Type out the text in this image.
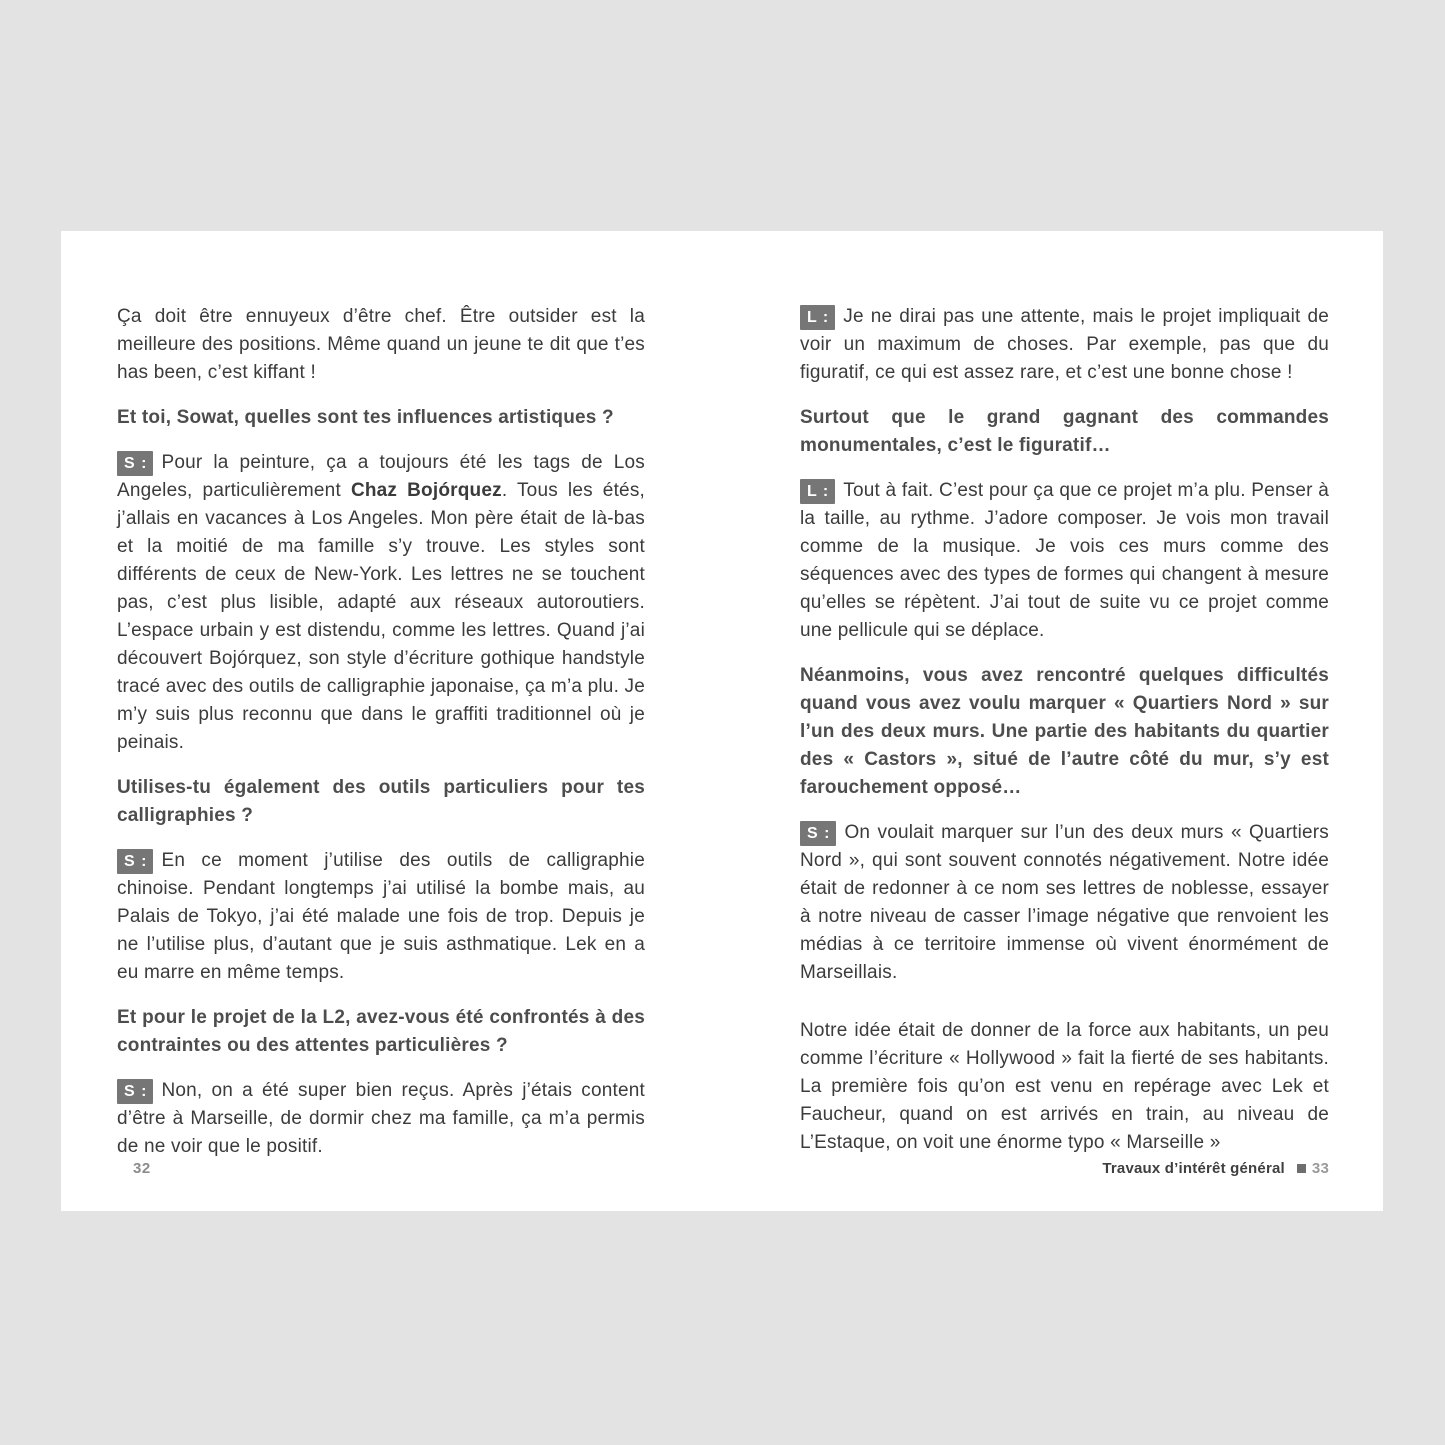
Ça doit être ennuyeux d’être chef. Être outsider est la meilleure des positions. Même quand un jeune te dit que t’es has been, c’est kiffant !

Et toi, Sowat, quelles sont tes influences artistiques ?

S : Pour la peinture, ça a toujours été les tags de Los Angeles, particulièrement Chaz Bojórquez. Tous les étés, j’allais en vacances à Los Angeles. Mon père était de là-bas et la moitié de ma famille s’y trouve. Les styles sont différents de ceux de New-York. Les lettres ne se touchent pas, c’est plus lisible, adapté aux réseaux autoroutiers. L’espace urbain y est distendu, comme les lettres. Quand j’ai découvert Bojórquez, son style d’écriture gothique handstyle tracé avec des outils de calligraphie japonaise, ça m’a plu. Je m’y suis plus reconnu que dans le graffiti traditionnel où je peinais.

Utilises-tu également des outils particuliers pour tes calligraphies ?

S : En ce moment j’utilise des outils de calligraphie chinoise. Pendant longtemps j’ai utilisé la bombe mais, au Palais de Tokyo, j’ai été malade une fois de trop. Depuis je ne l’utilise plus, d’autant que je suis asthmatique. Lek en a eu marre en même temps.

Et pour le projet de la L2, avez-vous été confrontés à des contraintes ou des attentes particulières ?

S : Non, on a été super bien reçus. Après j’étais content d’être à Marseille, de dormir chez ma famille, ça m’a permis de ne voir que le positif.

32

L : Je ne dirai pas une attente, mais le projet impliquait de voir un maximum de choses. Par exemple, pas que du figuratif, ce qui est assez rare, et c’est une bonne chose !

Surtout que le grand gagnant des commandes monumentales, c’est le figuratif…

L : Tout à fait. C’est pour ça que ce projet m’a plu. Penser à la taille, au rythme. J’adore composer. Je vois mon travail comme de la musique. Je vois ces murs comme des séquences avec des types de formes qui changent à mesure qu’elles se répètent. J’ai tout de suite vu ce projet comme une pellicule qui se déplace.

Néanmoins, vous avez rencontré quelques difficultés quand vous avez voulu marquer « Quartiers Nord » sur l’un des deux murs. Une partie des habitants du quartier des « Castors », situé de l’autre côté du mur, s’y est farouchement opposé…

S : On voulait marquer sur l’un des deux murs « Quartiers Nord », qui sont souvent connotés négativement. Notre idée était de redonner à ce nom ses lettres de noblesse, essayer à notre niveau de casser l’image négative que renvoient les médias à ce territoire immense où vivent énormément de Marseillais.

Notre idée était de donner de la force aux habitants, un peu comme l’écriture « Hollywood » fait la fierté de ses habitants. La première fois qu’on est venu en repérage avec Lek et Faucheur, quand on est arrivés en train, au niveau de L’Estaque, on voit une énorme typo « Marseille »

Travaux d’intérêt général 33
